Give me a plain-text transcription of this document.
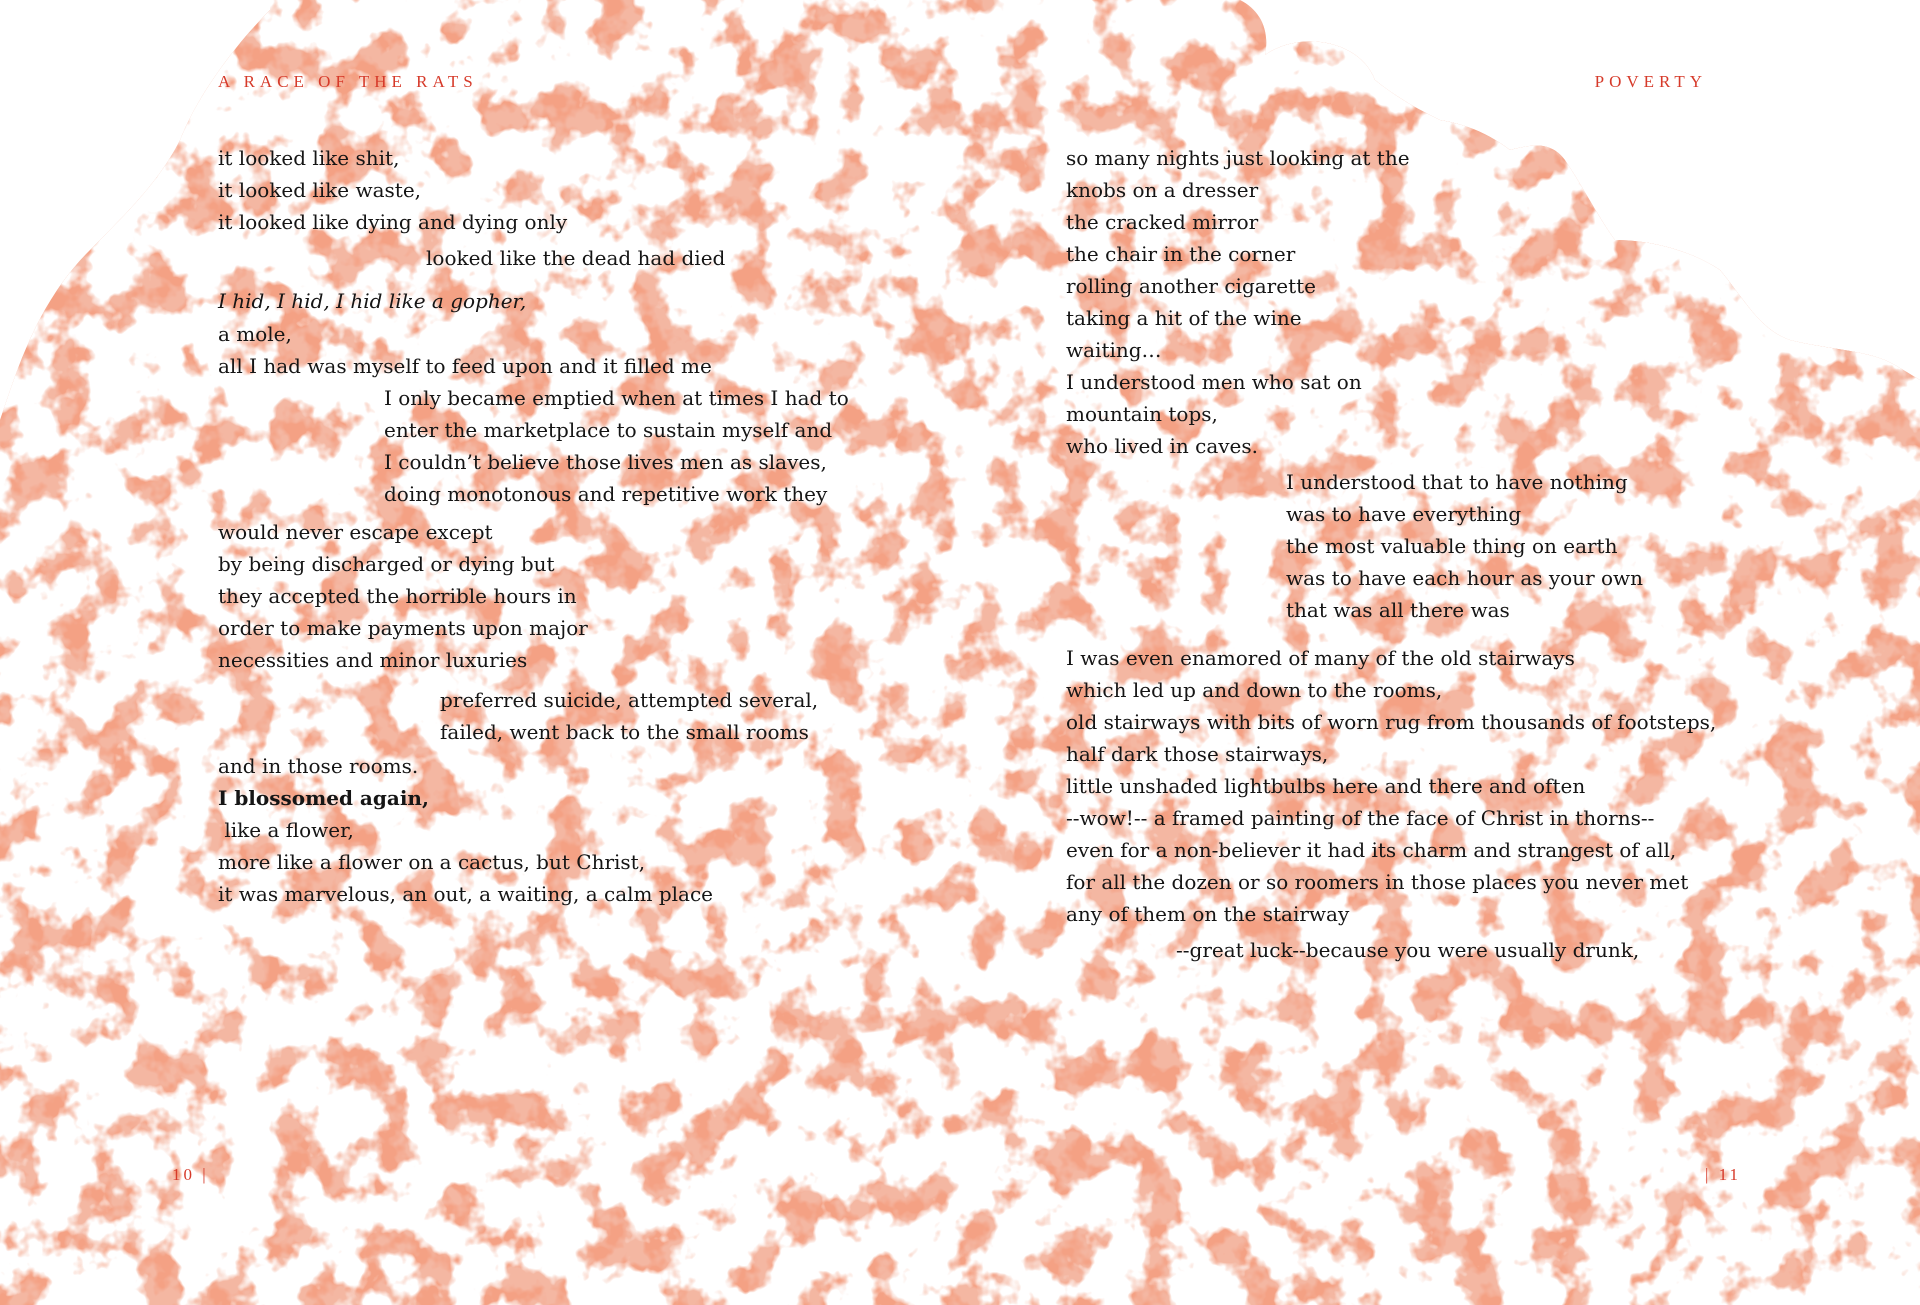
A RACE OF THE RATS	POVERTY
it looked like shit,
it looked like waste,
it looked like dying and dying only
looked like the dead had died
I hid, I hid, I hid like a gopher,
a mole,
all I had was myself to feed upon and it filled me
I only became emptied when at times I had to
enter the marketplace to sustain myself and
I couldn’t believe those lives men as slaves,
doing monotonous and repetitive work they
would never escape except
by being discharged or dying but
they accepted the horrible hours in
order to make payments upon major
necessities and minor luxuries
preferred suicide, attempted several,
failed, went back to the small rooms
and in those rooms.
I blossomed again,
like a flower,
more like a flower on a cactus, but Christ,
it was marvelous, an out, a waiting, a calm place
so many nights just looking at the
knobs on a dresser
the cracked mirror
the chair in the corner
rolling another cigarette
taking a hit of the wine
waiting…
I understood men who sat on
mountain tops,
who lived in caves.
I understood that to have nothing
was to have everything
the most valuable thing on earth
was to have each hour as your own
that was all there was
I was even enamored of many of the old stairways
which led up and down to the rooms,
old stairways with bits of worn rug from thousands of footsteps,
half dark those stairways,
little unshaded lightbulbs here and there and often
--wow!-- a framed painting of the face of Christ in thorns--
even for a non-believer it had its charm and strangest of all,
for all the dozen or so roomers in those places you never met
any of them on the stairway
--great luck--because you were usually drunk,
10 |	| 11
